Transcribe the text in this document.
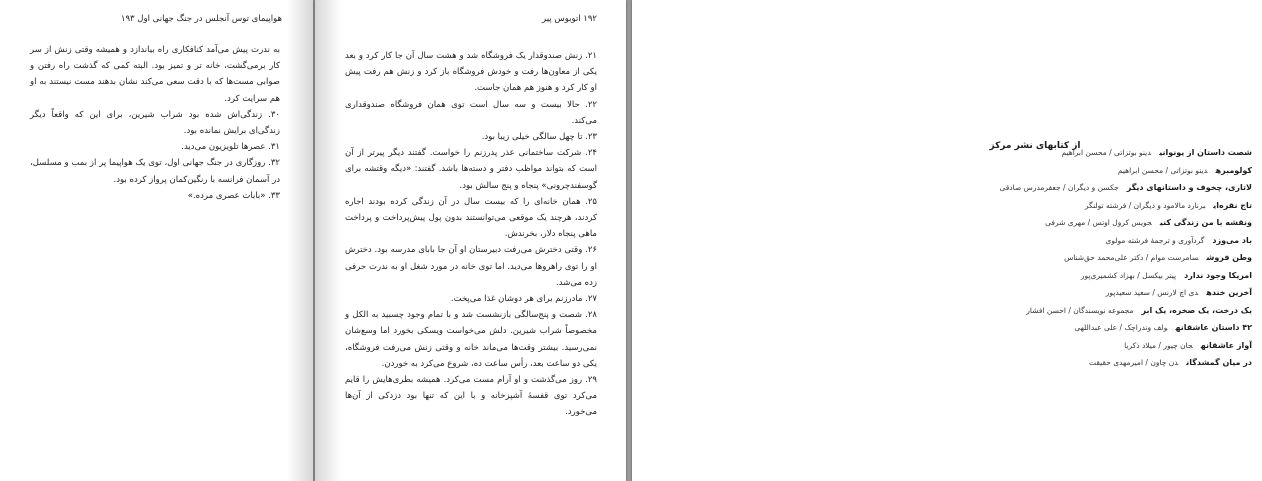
هواپیمای توس آنجلس در جنگ جهانی اول ۱۹۳

به ندرت پیش می‌آمد کنافکاری راه بیاندازد و همیشه وقتی زنش از سر کار برمی‌گشت، خانه تر و تمیز بود. البته کمی که گذشت راه رفتن و صوابی مست‌ها که با دقت سعی می‌کند نشان بدهند مست نیستند به او هم سرایت کرد.

۳۰. زندگی‌اش شده بود شراب شیرین، برای این که واقعاً دیگر زندگی‌ای برایش نمانده بود.

۳۱. عصرها تلویزیون می‌دید.

۳۲. روزگاری در جنگ جهانی اول، توی یک هواپیما پر از بمب و مسلسل، در آسمان فرانسه با رنگین‌کمان پرواز کرده بود.

۳۳. «بابات عصری مرده.»

۱۹۲ اتوبوس پیر

۲۱. زنش صندوقدار یک فروشگاه شد و هشت سال آن جا کار کرد و بعد یکی از معاون‌ها رفت و خودش فروشگاه باز کرد و زنش هم رفت پیش او کار کرد و هنوز هم همان جاست.

۲۲. حالا بیست و سه سال است توی همان فروشگاه صندوقداری می‌کند.

۲۳. تا چهل سالگی خیلی زیبا بود.

۲۴. شرکت ساختمانی عذر پدرزنم را خواست. گفتند دیگر پیرتر از آن است که بتواند مواظب دفتر و دسته‌ها باشد. گفتند: «دیگه وقتشه برای گوسفندچرونی» پنجاه و پنج سالش بود.

۲۵. همان خانه‌ای را که بیست سال در آن زندگی کرده بودند اجاره کردند، هرچند یک موقعی می‌توانستند بدون پول پیش‌پرداخت و پرداخت ماهی پنجاه دلار، بخرندش.

۲۶. وقتی دخترش می‌رفت دبیرستان او آن جا بابای مدرسه بود. دخترش او را توی راهروها می‌دید. اما توی خانه در مورد شغل او به ندرت حرفی زده می‌شد.

۲۷. مادرزنم برای هر دوشان غذا می‌پخت.

۲۸. شصت و پنج‌سالگی بازنشست شد و با تمام وجود چسبید به الکل و مخصوصاً شراب شیرین. دلش می‌خواست ویسکی بخورد اما وسع‌شان نمی‌رسید. بیشتر وقت‌ها می‌ماند خانه و وقتی زنش می‌رفت فروشگاه، یکی دو ساعت بعد، رأس ساعت ده، شروع می‌کرد به خوردن.

۲۹. روز می‌گذشت و او آرام مست می‌کرد. همیشه بطری‌هایش را قایم می‌کرد توی قفسهٔ آشپزخانه و با این که تنها بود دزدکی از آن‌ها می‌خورد.

از کتابهای نشر مرکز
شصت داستان از یونوانیدینو بوتزاتی / محسن ابراهیم
کولومبرهدینو بوتزاتی / محسن ابراهیم
لاتاری، چخوف و داستانهای دیگرجکسن و دیگران / جعفرمدرس صادقی
تاج نقره‌ایبرنارد مالامود و دیگران / فرشته تولنگر
ونقشه با من زندگی کنیجویس کرول اوتس / مهری شرفی
باد می‌وزدگردآوری و ترجمهٔ فرشته مولوی
وطن فروشسامرست موام / دکتر علی‌محمد حق‌شناس
امریکا وجود نداردپیتر بیکسل / بهزاد کشمیری‌پور
آخرین خندهدی اچ لارنس / سعید سعیدپور
یک درخت، یک صخره، یک ابرمجموعه نویسندگان / احسن افشار
۴۲ داستان عاشقانهولف وندراچک / علی عبداللهی
آواز عاشقانهجان چیور / میلاد ذکریا
در میان گمشدگاندن چاون / امیرمهدی حقیقت
